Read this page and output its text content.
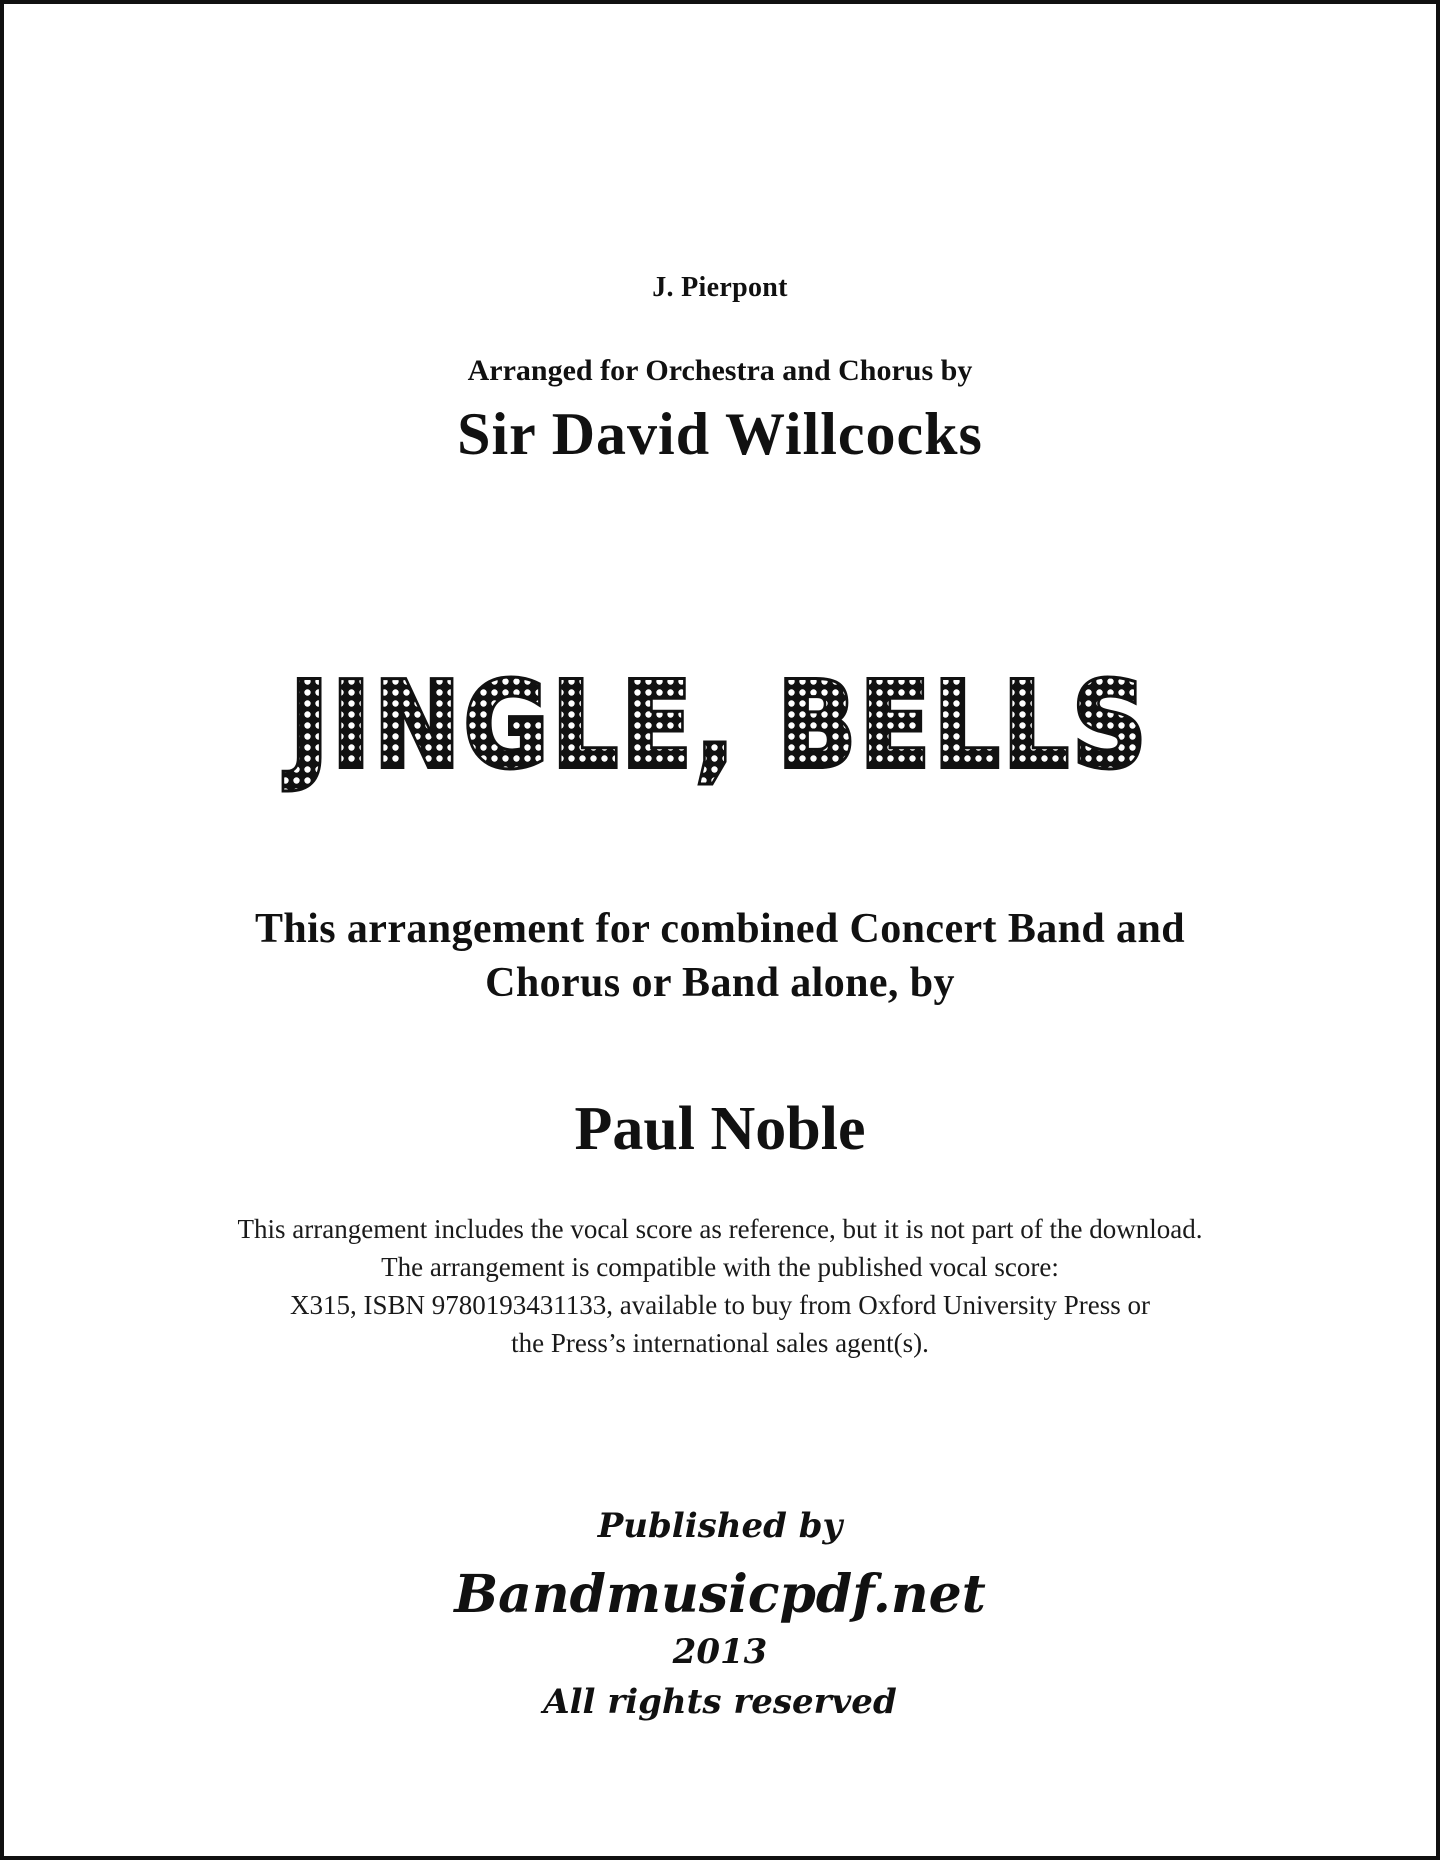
J. Pierpont
Arranged for Orchestra and Chorus by
Sir David Willcocks
JINGLE, BELLS
JINGLE, BELLS
This arrangement for combined Concert Band and
Chorus or Band alone, by
Paul Noble
This arrangement includes the vocal score as reference, but it is not part of the download.
The arrangement is compatible with the published vocal score:
X315, ISBN 9780193431133, available to buy from Oxford University Press or
the Press’s international sales agent(s).
Published by
Bandmusicpdf.net
2013
All rights reserved
